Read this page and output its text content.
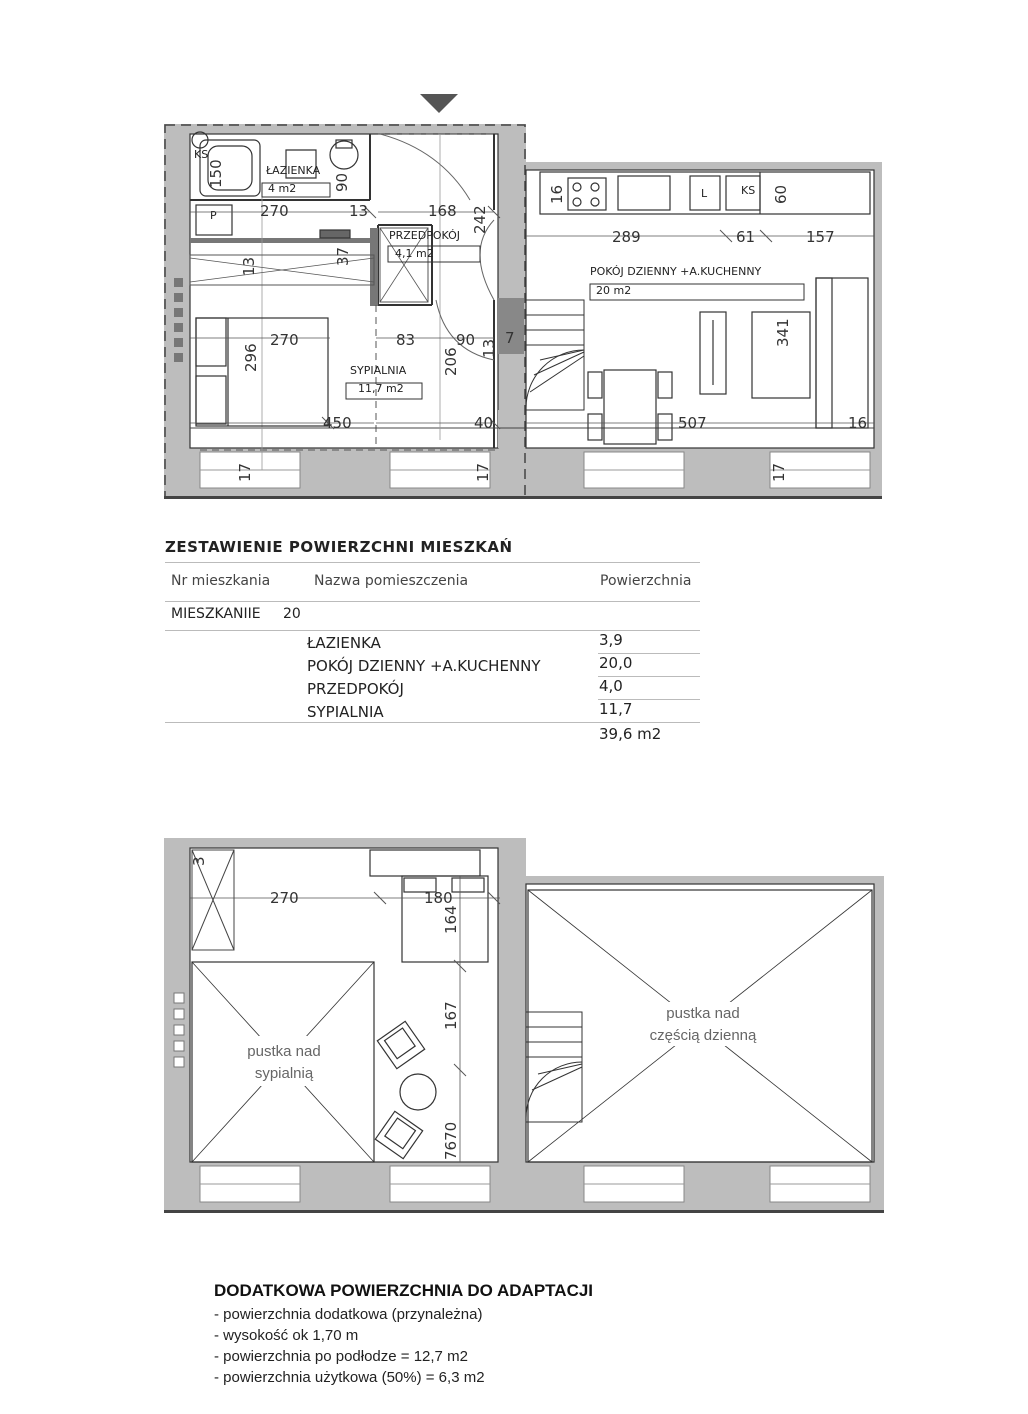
ŁAZIENKA
4 m2
PRZEDPOKÓJ
4,1 m2
POKÓJ DZIENNY +A.KUCHENNY
20 m2
SYPIALNIA
11,7 m2
KS
KS
P
L
150	90
270	13	168 242
13
37
270
296
83	90
206 13
7
450	40
17	17
16	60
289	61	157
341
507	16
17
pustka nad
sypialnią
pustka nad
częścią dzienną
3
270	180
164
167
7670
ZESTAWIENIE POWIERZCHNI MIESZKAŃ
Nr mieszkania	Nazwa pomieszczenia	Powierzchnia
MIESZKANIIE 20
ŁAZIENKA	3,9
POKÓJ DZIENNY +A.KUCHENNY	20,0
PRZEDPOKÓJ	4,0
SYPIALNIA	11,7
39,6 m2
DODATKOWA POWIERZCHNIA DO ADAPTACJI
- powierzchnia dodatkowa (przynależna)
- wysokość ok 1,70 m
- powierzchnia po podłodze = 12,7 m2
- powierzchnia użytkowa (50%) = 6,3 m2
